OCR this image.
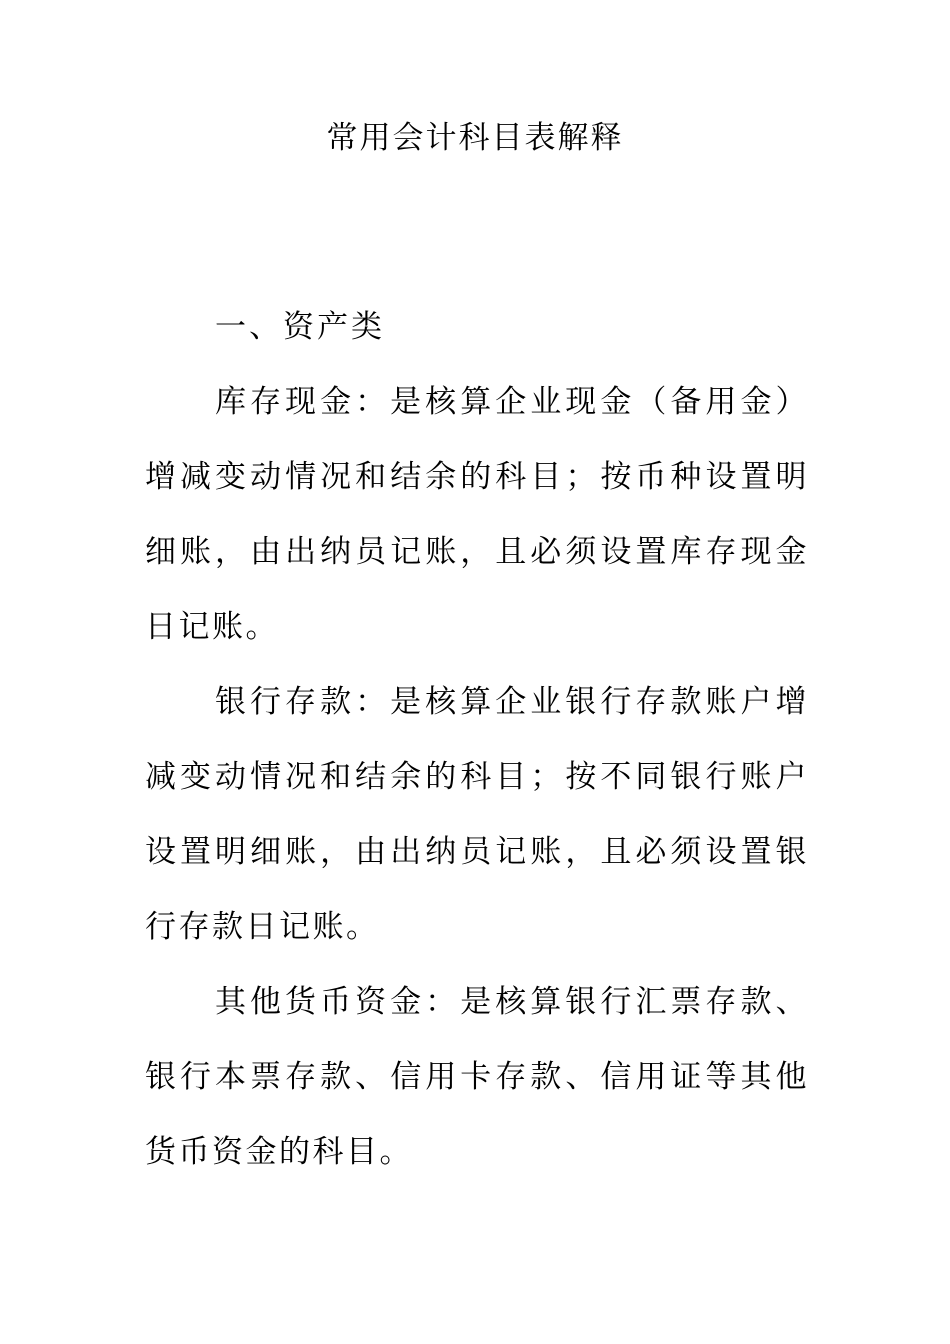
常用会计科目表解释

一、资产类

库存现金：是核算企业现金（备用金）增减变动情况和结余的科目；按币种设置明细账，由出纳员记账，且必须设置库存现金日记账。

银行存款：是核算企业银行存款账户增减变动情况和结余的科目；按不同银行账户设置明细账，由出纳员记账，且必须设置银行存款日记账。

其他货币资金：是核算银行汇票存款、银行本票存款、信用卡存款、信用证等其他货币资金的科目。
